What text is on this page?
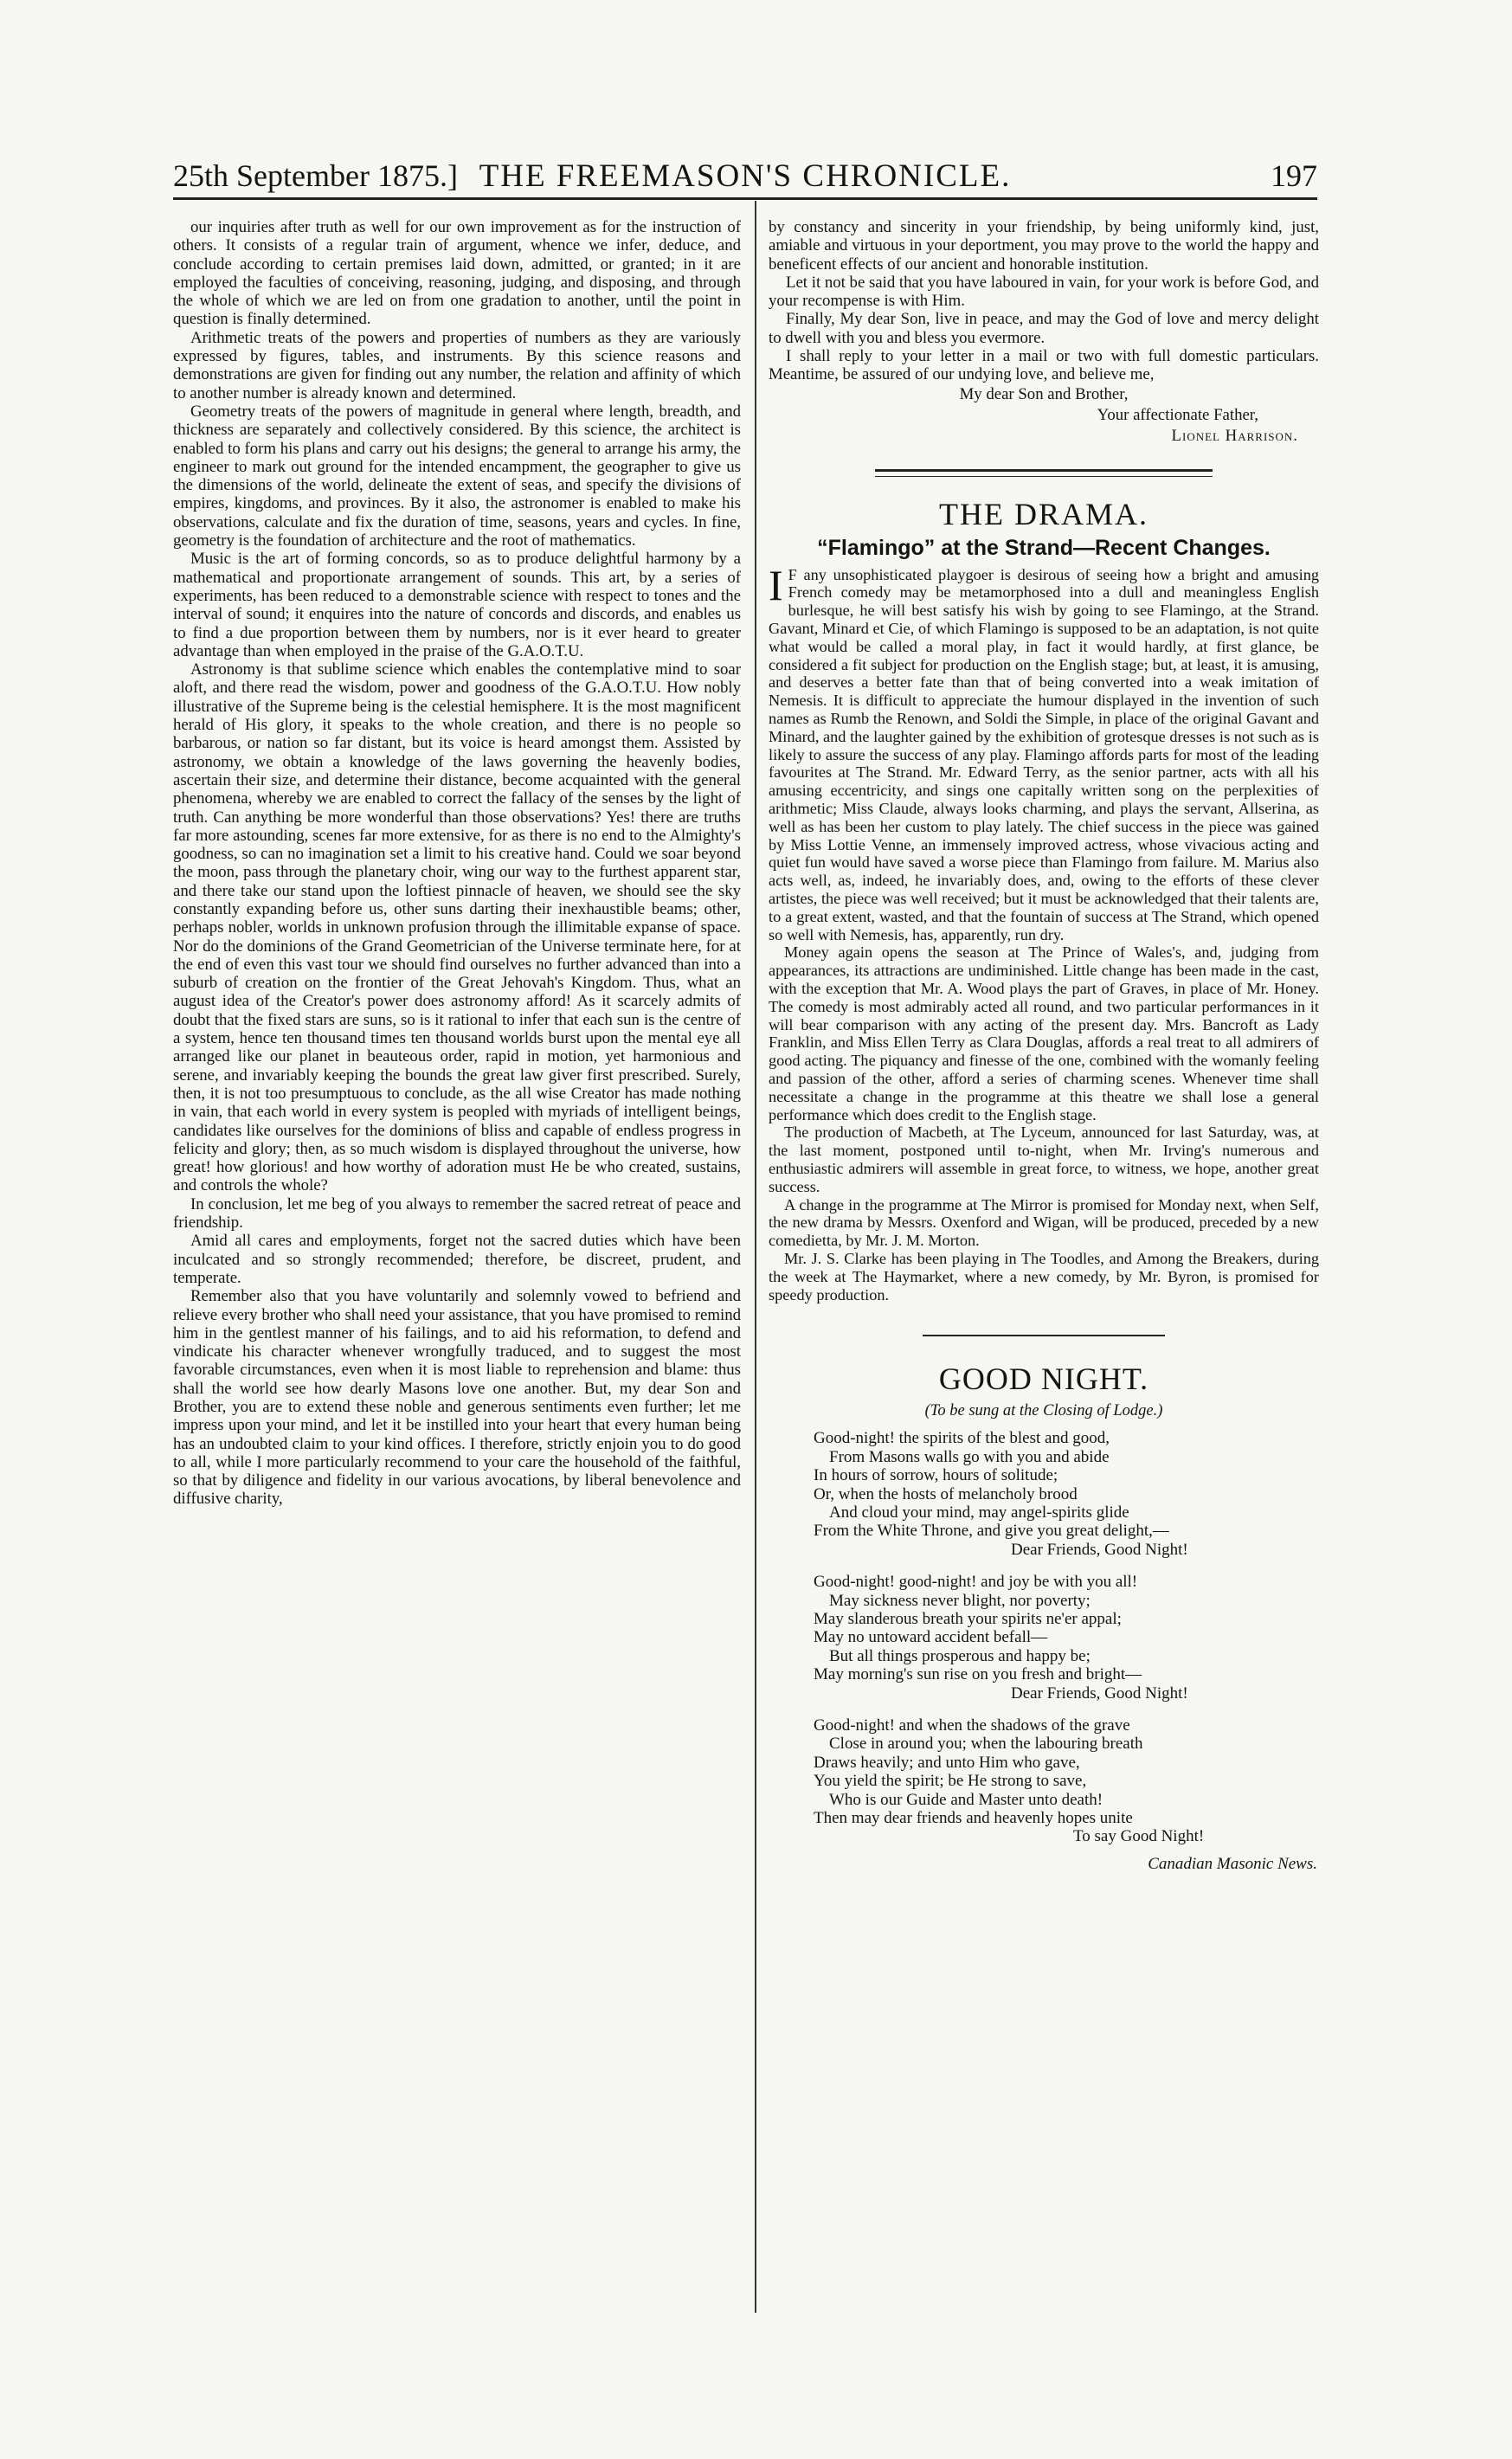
25th September 1875.] THE FREEMASON'S CHRONICLE.	197

our inquiries after truth as well for our own improvement as for the instruction of others. It consists of a regular train of argument, whence we infer, deduce, and conclude according to certain premises laid down, admitted, or granted; in it are employed the faculties of conceiving, reasoning, judging, and disposing, and through the whole of which we are led on from one gradation to another, until the point in question is finally determined.

Arithmetic treats of the powers and properties of numbers as they are variously expressed by figures, tables, and instruments. By this science reasons and demonstrations are given for finding out any number, the relation and affinity of which to another number is already known and determined.

Geometry treats of the powers of magnitude in general where length, breadth, and thickness are separately and collectively considered. By this science, the architect is enabled to form his plans and carry out his designs; the general to arrange his army, the engineer to mark out ground for the intended encampment, the geographer to give us the dimensions of the world, delineate the extent of seas, and specify the divisions of empires, kingdoms, and provinces. By it also, the astronomer is enabled to make his observations, calculate and fix the duration of time, seasons, years and cycles. In fine, geometry is the foundation of architecture and the root of mathematics.

Music is the art of forming concords, so as to produce delightful harmony by a mathematical and proportionate arrangement of sounds. This art, by a series of experiments, has been reduced to a demonstrable science with respect to tones and the interval of sound; it enquires into the nature of concords and discords, and enables us to find a due proportion between them by numbers, nor is it ever heard to greater advantage than when employed in the praise of the G.A.O.T.U.

Astronomy is that sublime science which enables the contemplative mind to soar aloft, and there read the wisdom, power and goodness of the G.A.O.T.U. How nobly illustrative of the Supreme being is the celestial hemisphere. It is the most magnificent herald of His glory, it speaks to the whole creation, and there is no people so barbarous, or nation so far distant, but its voice is heard amongst them. Assisted by astronomy, we obtain a knowledge of the laws governing the heavenly bodies, ascertain their size, and determine their distance, become acquainted with the general phenomena, whereby we are enabled to correct the fallacy of the senses by the light of truth. Can anything be more wonderful than those observations? Yes! there are truths far more astounding, scenes far more extensive, for as there is no end to the Almighty's goodness, so can no imagination set a limit to his creative hand. Could we soar beyond the moon, pass through the planetary choir, wing our way to the furthest apparent star, and there take our stand upon the loftiest pinnacle of heaven, we should see the sky constantly expanding before us, other suns darting their inexhaustible beams; other, perhaps nobler, worlds in unknown profusion through the illimitable expanse of space. Nor do the dominions of the Grand Geometrician of the Universe terminate here, for at the end of even this vast tour we should find ourselves no further advanced than into a suburb of creation on the frontier of the Great Jehovah's Kingdom. Thus, what an august idea of the Creator's power does astronomy afford! As it scarcely admits of doubt that the fixed stars are suns, so is it rational to infer that each sun is the centre of a system, hence ten thousand times ten thousand worlds burst upon the mental eye all arranged like our planet in beauteous order, rapid in motion, yet harmonious and serene, and invariably keeping the bounds the great law giver first prescribed. Surely, then, it is not too presumptuous to conclude, as the all wise Creator has made nothing in vain, that each world in every system is peopled with myriads of intelligent beings, candidates like ourselves for the dominions of bliss and capable of endless progress in felicity and glory; then, as so much wisdom is displayed throughout the universe, how great! how glorious! and how worthy of adoration must He be who created, sustains, and controls the whole?

In conclusion, let me beg of you always to remember the sacred retreat of peace and friendship.

Amid all cares and employments, forget not the sacred duties which have been inculcated and so strongly recommended; therefore, be discreet, prudent, and temperate.

Remember also that you have voluntarily and solemnly vowed to befriend and relieve every brother who shall need your assistance, that you have promised to remind him in the gentlest manner of his failings, and to aid his reformation, to defend and vindicate his character whenever wrongfully traduced, and to suggest the most favorable circumstances, even when it is most liable to reprehension and blame: thus shall the world see how dearly Masons love one another. But, my dear Son and Brother, you are to extend these noble and generous sentiments even further; let me impress upon your mind, and let it be instilled into your heart that every human being has an undoubted claim to your kind offices. I therefore, strictly enjoin you to do good to all, while I more particularly recommend to your care the household of the faithful, so that by diligence and fidelity in our various avocations, by liberal benevolence and diffusive charity,

by constancy and sincerity in your friendship, by being uniformly kind, just, amiable and virtuous in your deportment, you may prove to the world the happy and beneficent effects of our ancient and honorable institution.

Let it not be said that you have laboured in vain, for your work is before God, and your recompense is with Him.

Finally, My dear Son, live in peace, and may the God of love and mercy delight to dwell with you and bless you evermore.

I shall reply to your letter in a mail or two with full domestic particulars. Meantime, be assured of our undying love, and believe me,

My dear Son and Brother,
Your affectionate Father,
Lionel Harrison.
THE DRAMA.
“Flamingo” at the Strand—Recent Changes.

I F any unsophisticated playgoer is desirous of seeing how a bright and amusing French comedy may be metamorphosed into a dull and meaningless English burlesque, he will best satisfy his wish by going to see Flamingo, at the Strand. Gavant, Minard et Cie, of which Flamingo is supposed to be an adaptation, is not quite what would be called a moral play, in fact it would hardly, at first glance, be considered a fit subject for production on the English stage; but, at least, it is amusing, and deserves a better fate than that of being converted into a weak imitation of Nemesis. It is difficult to appreciate the humour displayed in the invention of such names as Rumb the Renown, and Soldi the Simple, in place of the original Gavant and Minard, and the laughter gained by the exhibition of grotesque dresses is not such as is likely to assure the success of any play. Flamingo affords parts for most of the leading favourites at The Strand. Mr. Edward Terry, as the senior partner, acts with all his amusing eccentricity, and sings one capitally written song on the perplexities of arithmetic; Miss Claude, always looks charming, and plays the servant, Allserina, as well as has been her custom to play lately. The chief success in the piece was gained by Miss Lottie Venne, an immensely improved actress, whose vivacious acting and quiet fun would have saved a worse piece than Flamingo from failure. M. Marius also acts well, as, indeed, he invariably does, and, owing to the efforts of these clever artistes, the piece was well received; but it must be acknowledged that their talents are, to a great extent, wasted, and that the fountain of success at The Strand, which opened so well with Nemesis, has, apparently, run dry.

Money again opens the season at The Prince of Wales's, and, judging from appearances, its attractions are undiminished. Little change has been made in the cast, with the exception that Mr. A. Wood plays the part of Graves, in place of Mr. Honey. The comedy is most admirably acted all round, and two particular performances in it will bear comparison with any acting of the present day. Mrs. Bancroft as Lady Franklin, and Miss Ellen Terry as Clara Douglas, affords a real treat to all admirers of good acting. The piquancy and finesse of the one, combined with the womanly feeling and passion of the other, afford a series of charming scenes. Whenever time shall necessitate a change in the programme at this theatre we shall lose a general performance which does credit to the English stage.

The production of Macbeth, at The Lyceum, announced for last Saturday, was, at the last moment, postponed until to-night, when Mr. Irving's numerous and enthusiastic admirers will assemble in great force, to witness, we hope, another great success.

A change in the programme at The Mirror is promised for Monday next, when Self, the new drama by Messrs. Oxenford and Wigan, will be produced, preceded by a new comedietta, by Mr. J. M. Morton.

Mr. J. S. Clarke has been playing in The Toodles, and Among the Breakers, during the week at The Haymarket, where a new comedy, by Mr. Byron, is promised for speedy production.

GOOD NIGHT.
(To be sung at the Closing of Lodge.)
Good-night! the spirits of the blest and good,
From Masons walls go with you and abide
In hours of sorrow, hours of solitude;
Or, when the hosts of melancholy brood
And cloud your mind, may angel-spirits glide
From the White Throne, and give you great delight,—
Dear Friends, Good Night!
Good-night! good-night! and joy be with you all!
May sickness never blight, nor poverty;
May slanderous breath your spirits ne'er appal;
May no untoward accident befall—
But all things prosperous and happy be;
May morning's sun rise on you fresh and bright—
Dear Friends, Good Night!
Good-night! and when the shadows of the grave
Close in around you; when the labouring breath
Draws heavily; and unto Him who gave,
You yield the spirit; be He strong to save,
Who is our Guide and Master unto death!
Then may dear friends and heavenly hopes unite
To say Good Night!
Canadian Masonic News.
